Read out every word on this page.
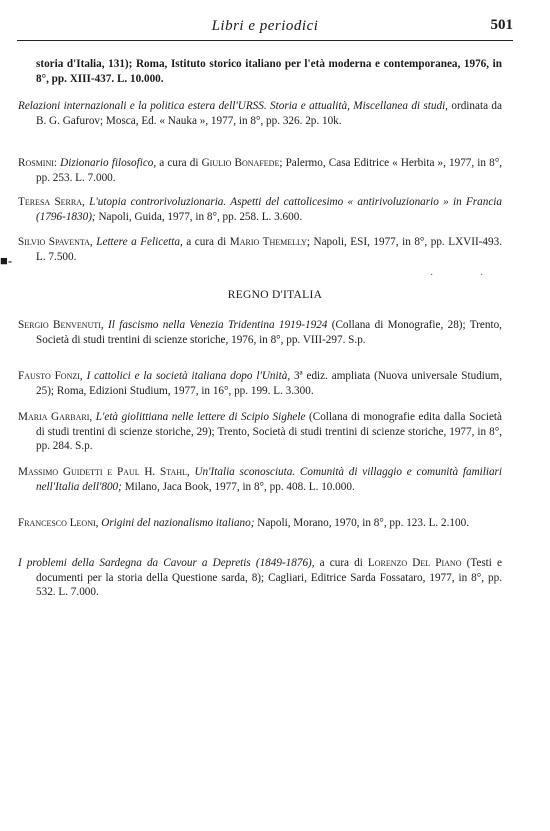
Libri e periodici	501

storia d'Italia, 131); Roma, Istituto storico italiano per l'età moderna e contemporanea, 1976, in 8°, pp. XIII-437. L. 10.000.

Relazioni internazionali e la politica estera dell'URSS. Storia e attualità, Miscellanea di studi, ordinata da B. G. Gafurov; Mosca, Ed. « Nauka », 1977, in 8°, pp. 326. 2p. 10k.

Rosmini: Dizionario filosofico, a cura di Giulio Bonafede; Palermo, Casa Editrice « Herbita », 1977, in 8°, pp. 253. L. 7.000.

Teresa Serra, L'utopia controrivoluzionaria. Aspetti del cattolicesimo « antirivoluzionario » in Francia (1796-1830); Napoli, Guida, 1977, in 8°, pp. 258. L. 3.600.

Silvio Spaventa, Lettere a Felicetta, a cura di Mario Themelly; Napoli, ESI, 1977, in 8°, pp. LXVII-493. L. 7.500.

■-
·	·
REGNO D'ITALIA

Sergio Benvenuti, Il fascismo nella Venezia Tridentina 1919-1924 (Collana di Monografie, 28); Trento, Società di studi trentini di scienze storiche, 1976, in 8°, pp. VIII-297. S.p.

Fausto Fonzi, I cattolici e la società italiana dopo l'Unità, 3ª ediz. ampliata (Nuova universale Studium, 25); Roma, Edizioni Studium, 1977, in 16°, pp. 199. L. 3.300.

Maria Garbari, L'età giolittiana nelle lettere di Scipio Sighele (Collana di monografie edita dalla Società di studi trentini di scienze storiche, 29); Trento, Società di studi trentini di scienze storiche, 1977, in 8°, pp. 284. S.p.

Massimo Guidetti e Paul H. Stahl, Un'Italia sconosciuta. Comunità di villaggio e comunità familiari nell'Italia dell'800; Milano, Jaca Book, 1977, in 8°, pp. 408. L. 10.000.

Francesco Leoni, Origini del nazionalismo italiano; Napoli, Morano, 1970, in 8°, pp. 123. L. 2.100.

I problemi della Sardegna da Cavour a Depretis (1849-1876), a cura di Lorenzo Del Piano (Testi e documenti per la storia della Questione sarda, 8); Cagliari, Editrice Sarda Fossataro, 1977, in 8°, pp. 532. L. 7.000.
